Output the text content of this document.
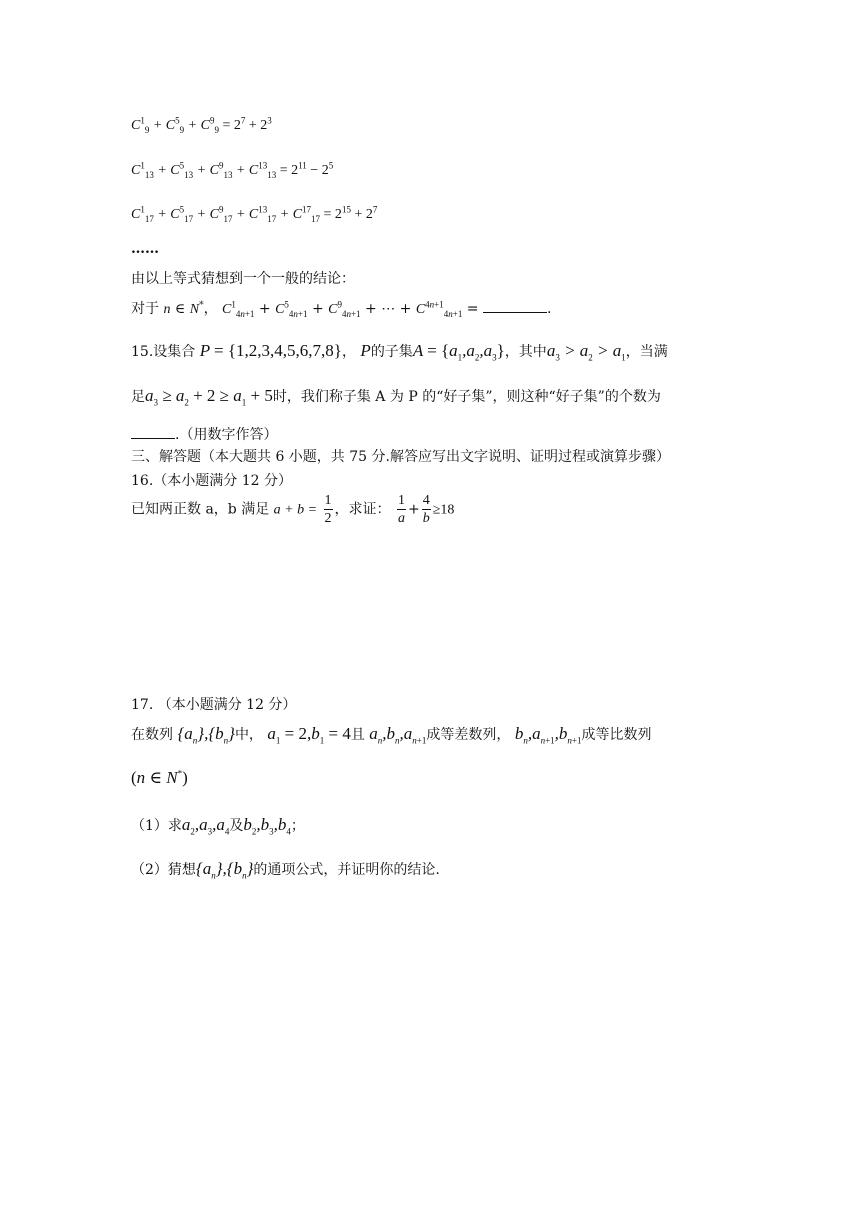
$C^1_9 + C^5_9 + C^9_9 = 2^7 + 2^3$
$C^1_{13} + C^5_{13} + C^9_{13} + C^{13}_{13} = 2^{11} - 2^5$
$C^1_{17} + C^5_{17} + C^9_{17} + C^{13}_{17} + C^{17}_{17} = 2^{15} + 2^7$
……
由以上等式猜想到一个一般的结论：
对于 n ∈ N*， $C^1_{4n+1} + C^5_{4n+1} + C^9_{4n+1}$ + ⋯ + $C^{4n+1}_{4n+1}$ =	.
15.设集合 P = {1,2,3,4,5,6,7,8}， P的子集$A = \{a_1,a_2,a_3\}$，其中$a_3 > a_2 > a_1$，当满
足$a_3 \ge a_2 + 2 \ge a_1 + 5$时，我们称子集 A 为 P 的“好子集”，则这种“好子集”的个数为
.（用数字作答）
三、解答题（本大题共 6 小题，共 75 分.解答应写出文字说明、证明过程或演算步骤）
16.（本小题满分 12 分）
已知两正数 a，b 满足 $a + b = \frac{1}{2}$ ，求证： $\frac{1}{a} + \frac{4}{b} \ge 18$
17. （本小题满分 12 分）
在数列 $\{a_n\},\{b_n\}$中， $a_1 = 2,b_1 = 4$且 $a_n,b_n,a_{n+1}$成等差数列， $b_n,a_{n+1},b_{n+1}$成等比数列
(n ∈ N*)
（1）求$a_2,a_3,a_4$及$b_2,b_3,b_4$；
（2）猜想$\{a_n\},\{b_n\}$的通项公式，并证明你的结论.
